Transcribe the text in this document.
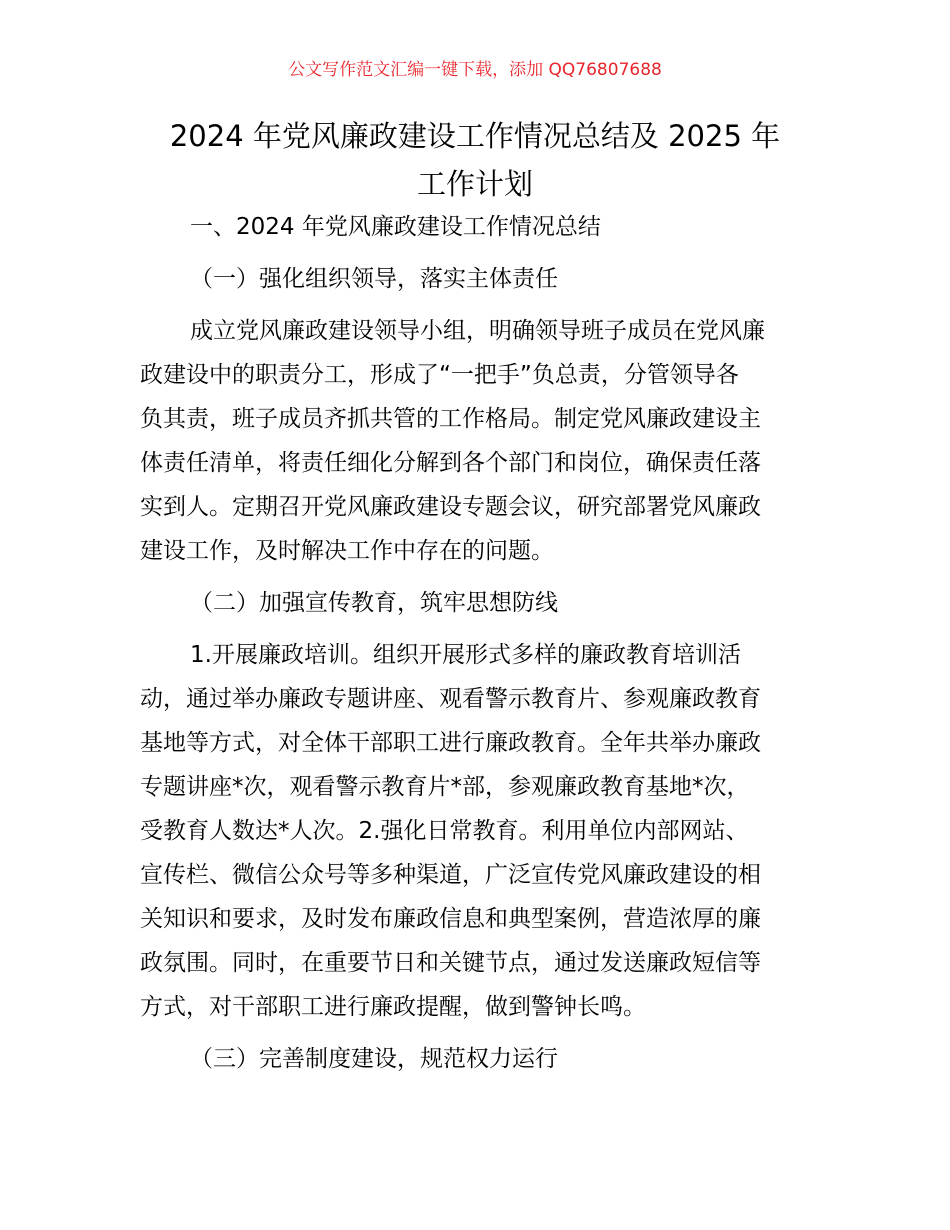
公文写作范文汇编一键下载，添加 QQ76807688
2024 年党风廉政建设工作情况总结及 2025 年
工作计划
一、2024 年党风廉政建设工作情况总结
（一）强化组织领导，落实主体责任
成立党风廉政建设领导小组，明确领导班子成员在党风廉
政建设中的职责分工，形成了“一把手”负总责，分管领导各
负其责，班子成员齐抓共管的工作格局。制定党风廉政建设主
体责任清单，将责任细化分解到各个部门和岗位，确保责任落
实到人。定期召开党风廉政建设专题会议，研究部署党风廉政
建设工作，及时解决工作中存在的问题。
（二）加强宣传教育，筑牢思想防线
1.开展廉政培训。组织开展形式多样的廉政教育培训活
动，通过举办廉政专题讲座、观看警示教育片、参观廉政教育
基地等方式，对全体干部职工进行廉政教育。全年共举办廉政
专题讲座*次，观看警示教育片*部，参观廉政教育基地*次，
受教育人数达*人次。2.强化日常教育。利用单位内部网站、
宣传栏、微信公众号等多种渠道，广泛宣传党风廉政建设的相
关知识和要求，及时发布廉政信息和典型案例，营造浓厚的廉
政氛围。同时，在重要节日和关键节点，通过发送廉政短信等
方式，对干部职工进行廉政提醒，做到警钟长鸣。
（三）完善制度建设，规范权力运行
